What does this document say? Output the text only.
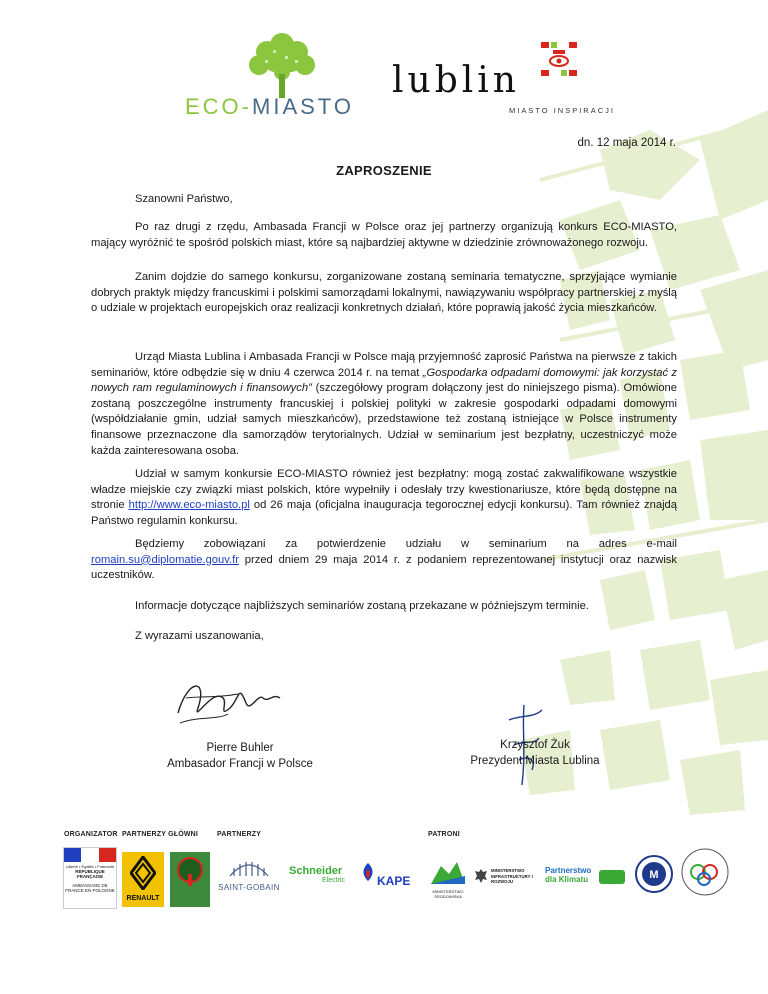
ECO-MIASTO
lublin
MIASTO INSPIRACJI
dn. 12 maja 2014 r.
ZAPROSZENIE
Szanowni Państwo,
Po raz drugi z rzędu, Ambasada Francji w Polsce oraz jej partnerzy organizują konkurs ECO-MIASTO, mający wyróżnić te spośród polskich miast, które są najbardziej aktywne w dziedzinie zrównoważonego rozwoju.
Zanim dojdzie do samego konkursu, zorganizowane zostaną seminaria tematyczne, sprzyjające wymianie dobrych praktyk między francuskimi i polskimi samorządami lokalnymi, nawiązywaniu współpracy partnerskiej z myślą o udziale w projektach europejskich oraz realizacji konkretnych działań, które poprawią jakość życia mieszkańców.
Urząd Miasta Lublina i Ambasada Francji w Polsce mają przyjemność zaprosić Państwa na pierwsze z takich seminariów, które odbędzie się w dniu 4 czerwca 2014 r. na temat „Gospodarka odpadami domowymi: jak korzystać z nowych ram regulaminowych i finansowych” (szczegółowy program dołączony jest do niniejszego pisma). Omówione zostaną poszczególne instrumenty francuskiej i polskiej polityki w zakresie gospodarki odpadami domowymi (współdziałanie gmin, udział samych mieszkańców), przedstawione też zostaną istniejące w Polsce instrumenty finansowe przeznaczone dla samorządów terytorialnych. Udział w seminarium jest bezpłatny, uczestniczyć może każda zainteresowana osoba.
Udział w samym konkursie ECO-MIASTO również jest bezpłatny: mogą zostać zakwalifikowane wszystkie władze miejskie czy związki miast polskich, które wypełniły i odesłały trzy kwestionariusze, które będą dostępne na stronie http://www.eco-miasto.pl od 26 maja (oficjalna inauguracja tegorocznej edycji konkursu). Tam również znajdą Państwo regulamin konkursu.
Będziemy zobowiązani za potwierdzenie udziału w seminarium na adres e-mail romain.su@diplomatie.gouv.fr przed dniem 29 maja 2014 r. z podaniem reprezentowanej instytucji oraz nazwisk uczestników.
Informacje dotyczące najbliższych seminariów zostaną przekazane w późniejszym terminie.
Z wyrazami uszanowania,
Pierre Buhler
Ambasador Francji w Polsce
Krzysztof Żuk
Prezydent Miasta Lublina
ORGANIZATOR PARTNERZY GŁÓWNI	PARTNERZY	PATRONI
Liberté • Égalité • Fraternité
RÉPUBLIQUE FRANÇAISE
AMBASSADE DE FRANCE EN POLOGNE
RENAULT
SAINT-GOBAIN
Schneider
Electric	KAPE
MINISTERSTWO ŚRODOWISKA
MINISTERSTWO INFRASTRUKTURY I ROZWOJU
Partnerstwo
dla Klimatu	M
